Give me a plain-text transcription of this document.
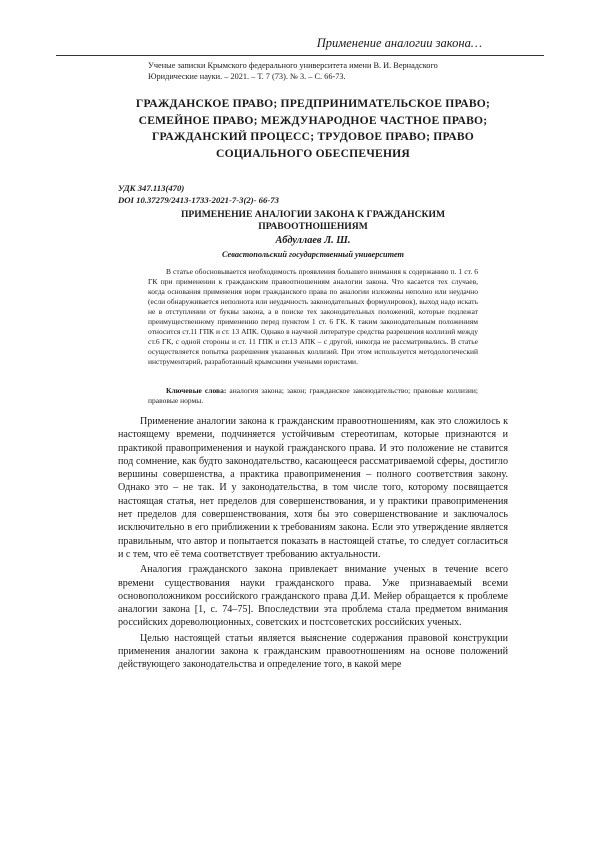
Применение аналогии закона…
Ученые записки Крымского федерального университета имени В. И. Вернадского Юридические науки. – 2021. – Т. 7 (73). № 3. – С. 66-73.
ГРАЖДАНСКОЕ ПРАВО; ПРЕДПРИНИМАТЕЛЬСКОЕ ПРАВО; СЕМЕЙНОЕ ПРАВО; МЕЖДУНАРОДНОЕ ЧАСТНОЕ ПРАВО; ГРАЖДАНСКИЙ ПРОЦЕСС; ТРУДОВОЕ ПРАВО; ПРАВО СОЦИАЛЬНОГО ОБЕСПЕЧЕНИЯ
УДК 347.113(470)
DOI 10.37279/2413-1733-2021-7-3(2)- 66-73
ПРИМЕНЕНИЕ АНАЛОГИИ ЗАКОНА К ГРАЖДАНСКИМ ПРАВООТНОШЕНИЯМ
Абдуллаев Л. Ш.
Севастопольский государственный университет

В статье обосновывается необходимость проявления большего внимания к содержанию п. 1 ст. 6 ГК при применении к гражданским правоотношениям аналогии закона. Что касается тех случаев, когда основания применения норм гражданского права по аналогии изложены неполно или неудачно (если обнаруживается неполнота или неудачность законодательных формулировок), выход надо искать не в отступлении от буквы закона, а в поиске тех законодательных положений, которые подлежат преимущественному применению перед пунктом 1 ст. 6 ГК. К таким законодательным положениям относится ст.11 ГПК и ст. 13 АПК. Однако в научной литературе средства разрешения коллизий между ст.6 ГК, с одной стороны и ст. 11 ГПК и ст.13 АПК – с другой, никогда не рассматривались. В статье осуществляется попытка разрешения указанных коллизий. При этом используется методологический инструментарий, разработанный крымскими учеными юристами.

Ключевые слова: аналогия закона; закон; гражданское законодательство; правовые коллизии; правовые нормы.

Применение аналогии закона к гражданским правоотношениям, как это сложилось к настоящему времени, подчиняется устойчивым стереотипам, которые признаются и практикой правоприменения и наукой гражданского права. И это положение не ставится под сомнение, как будто законодательство, касающееся рассматриваемой сферы, достигло вершины совершенства, а практика правоприменения – полного соответствия закону. Однако это – не так. И у законодательства, в том числе того, которому посвящается настоящая статья, нет пределов для совершенствования, и у практики правоприменения нет пределов для совершенствования, хотя бы это совершенствование и заключалось исключительно в его приближении к требованиям закона. Если это утверждение является правильным, что автор и попытается показать в настоящей статье, то следует согласиться и с тем, что её тема соответствует требованию актуальности.

Аналогия гражданского закона привлекает внимание ученых в течение всего времени существования науки гражданского права. Уже признаваемый всеми основоположником российского гражданского права Д.И. Мейер обращается к проблеме аналогии закона [1, с. 74–75]. Впоследствии эта проблема стала предметом внимания российских дореволюционных, советских и постсоветских российских ученых.

Целью настоящей статьи является выяснение содержания правовой конструкции применения аналогии закона к гражданским правоотношениям на основе положений действующего законодательства и определение того, в какой мере
